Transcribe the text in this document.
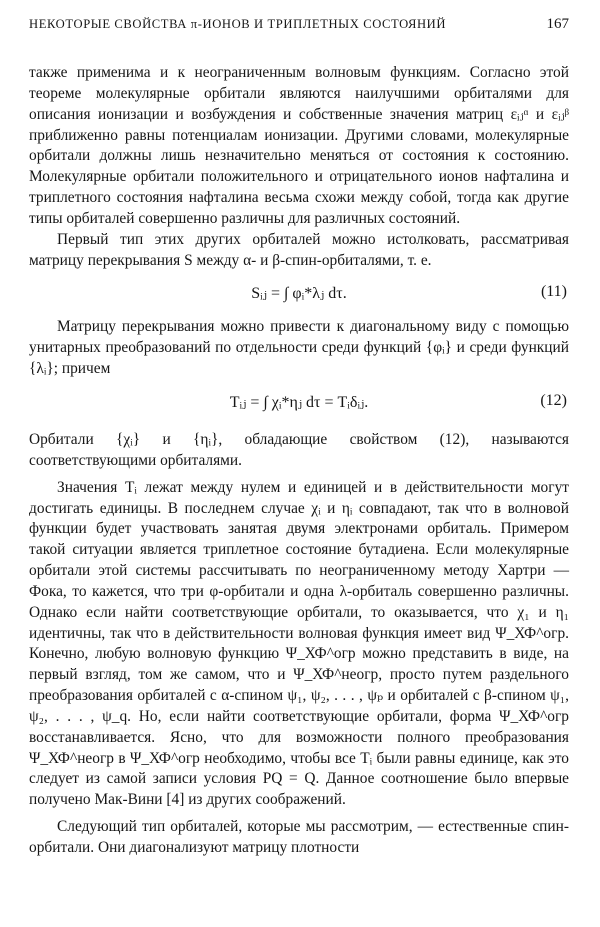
НЕКОТОРЫЕ СВОЙСТВА π-ИОНОВ И ТРИПЛЕТНЫХ СОСТОЯНИЙ	167

также применима и к неограниченным волновым функциям. Согласно этой теореме молекулярные орбитали являются наилучшими орбиталями для описания ионизации и возбуждения и собственные значения матриц εᵢⱼᵅ и εᵢⱼᵝ приближенно равны потенциалам ионизации. Другими словами, молекулярные орбитали должны лишь незначительно меняться от состояния к состоянию. Молекулярные орбитали положительного и отрицательного ионов нафталина и триплетного состояния нафталина весьма схожи между собой, тогда как другие типы орбиталей совершенно различны для различных состояний.

Первый тип этих других орбиталей можно истолковать, рассматривая матрицу перекрывания S между α- и β-спин-орбиталями, т. е.

Sᵢⱼ = ∫ φᵢ*λⱼ dτ.	(11)

Матрицу перекрывания можно привести к диагональному виду с помощью унитарных преобразований по отдельности среди функций {φᵢ} и среди функций {λᵢ}; причем

Tᵢⱼ = ∫ χᵢ*ηⱼ dτ = Tᵢδᵢⱼ.	(12)

Орбитали {χᵢ} и {ηᵢ}, обладающие свойством (12), называются соответствующими орбиталями.

Значения Tᵢ лежат между нулем и единицей и в действительности могут достигать единицы. В последнем случае χᵢ и ηᵢ совпадают, так что в волновой функции будет участвовать занятая двумя электронами орбиталь. Примером такой ситуации является триплетное состояние бутадиена. Если молекулярные орбитали этой системы рассчитывать по неограниченному методу Хартри — Фока, то кажется, что три φ-орбитали и одна λ-орбиталь совершенно различны. Однако если найти соответствующие орбитали, то оказывается, что χ₁ и η₁ идентичны, так что в действительности волновая функция имеет вид Ψ_ХФ^огр. Конечно, любую волновую функцию Ψ_ХФ^огр можно представить в виде, на первый взгляд, том же самом, что и Ψ_ХФ^неогр, просто путем раздельного преобразования орбиталей с α-спином ψ₁, ψ₂, . . . , ψₚ и орбиталей с β-спином ψ₁, ψ₂, . . . , ψ_q. Но, если найти соответствующие орбитали, форма Ψ_ХФ^огр восстанавливается. Ясно, что для возможности полного преобразования Ψ_ХФ^неогр в Ψ_ХФ^огр необходимо, чтобы все Tᵢ были равны единице, как это следует из самой записи условия PQ = Q. Данное соотношение было впервые получено Мак-Вини [4] из других соображений.

Следующий тип орбиталей, которые мы рассмотрим, — естественные спин-орбитали. Они диагонализуют матрицу плотности
